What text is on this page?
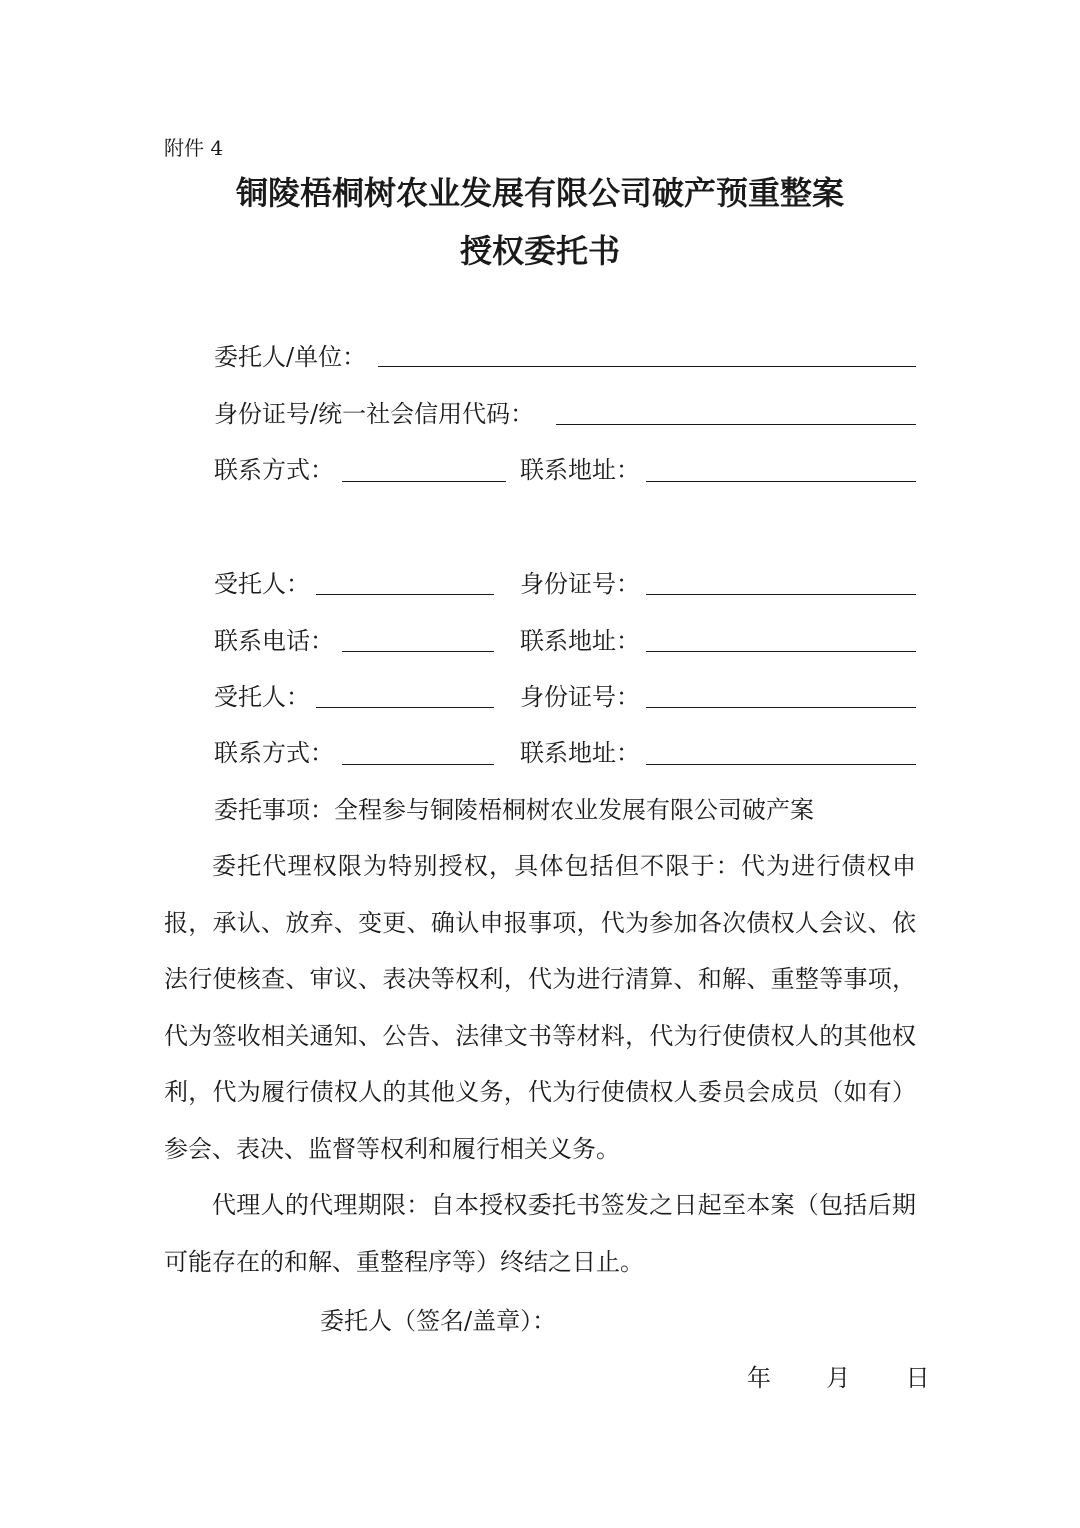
附件 4
铜陵梧桐树农业发展有限公司破产预重整案
授权委托书
委托人/单位：
身份证号/统一社会信用代码：
联系方式：	联系地址：
受托人：	身份证号：
联系电话：	联系地址：
受托人：	身份证号：
联系方式：	联系地址：
委托事项：全程参与铜陵梧桐树农业发展有限公司破产案
委托代理权限为特别授权，具体包括但不限于：代为进行债权申报，承认、放弃、变更、确认申报事项，代为参加各次债权人会议、依法行使核查、审议、表决等权利，代为进行清算、和解、重整等事项，代为签收相关通知、公告、法律文书等材料，代为行使债权人的其他权利，代为履行债权人的其他义务，代为行使债权人委员会成员（如有）参会、表决、监督等权利和履行相关义务。
代理人的代理期限：自本授权委托书签发之日起至本案（包括后期可能存在的和解、重整程序等）终结之日止。
委托人（签名/盖章）：
年 月 日
